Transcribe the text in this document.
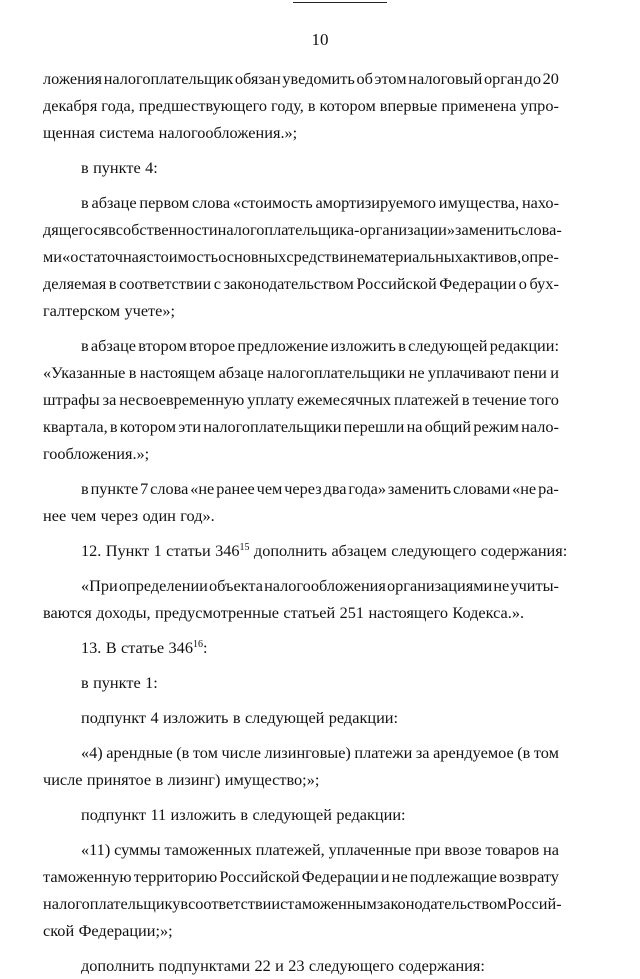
10
ложения налогоплательщик обязан уведомить об этом налоговый орган до 20
декабря года, предшествующего году, в котором впервые применена упро-
щенная система налогообложения.»;
в пункте 4:
в абзаце первом слова «стоимость амортизируемого имущества, нахо-
дящегося в собственности налогоплательщика-организации» заменить слова-
ми «остаточная стоимость основных средств и нематериальных активов, опре-
деляемая в соответствии с законодательством Российской Федерации о бух-
галтерском учете»;
в абзаце втором второе предложение изложить в следующей редакции:
«Указанные в настоящем абзаце налогоплательщики не уплачивают пени и
штрафы за несвоевременную уплату ежемесячных платежей в течение того
квартала, в котором эти налогоплательщики перешли на общий режим нало-
гообложения.»;
в пункте 7 слова «не ранее чем через два года» заменить словами «не ра-
нее чем через один год».
12. Пункт 1 статьи $346^{15}$ дополнить абзацем следующего содержания:
«При определении объекта налогообложения организациями не учиты-
ваются доходы, предусмотренные статьей 251 настоящего Кодекса.».
13. В статье $346^{16}$:
в пункте 1:
подпункт 4 изложить в следующей редакции:
«4) арендные (в том числе лизинговые) платежи за арендуемое (в том
числе принятое в лизинг) имущество;»;
подпункт 11 изложить в следующей редакции:
«11) суммы таможенных платежей, уплаченные при ввозе товаров на
таможенную территорию Российской Федерации и не подлежащие возврату
налогоплательщику в соответствии с таможенным законодательством Россий-
ской Федерации;»;
дополнить подпунктами 22 и 23 следующего содержания:
